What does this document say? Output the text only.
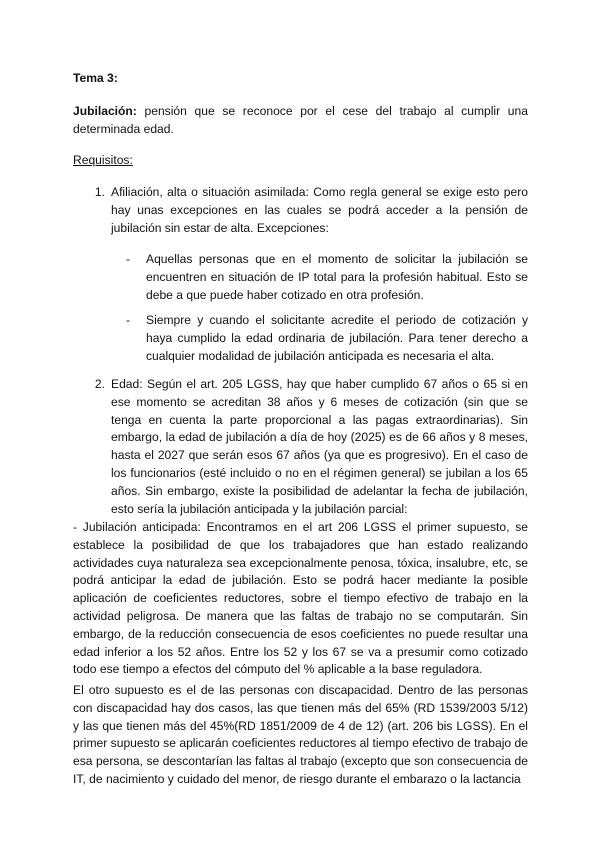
Tema 3:
Jubilación: pensión que se reconoce por el cese del trabajo al cumplir una determinada edad.
Requisitos:
1. Afiliación, alta o situación asimilada: Como regla general se exige esto pero hay unas excepciones en las cuales se podrá acceder a la pensión de jubilación sin estar de alta. Excepciones:
- Aquellas personas que en el momento de solicitar la jubilación se encuentren en situación de IP total para la profesión habitual. Esto se debe a que puede haber cotizado en otra profesión.
- Siempre y cuando el solicitante acredite el periodo de cotización y haya cumplido la edad ordinaria de jubilación. Para tener derecho a cualquier modalidad de jubilación anticipada es necesaria el alta.
2. Edad: Según el art. 205 LGSS, hay que haber cumplido 67 años o 65 si en ese momento se acreditan 38 años y 6 meses de cotización (sin que se tenga en cuenta la parte proporcional a las pagas extraordinarias). Sin embargo, la edad de jubilación a día de hoy (2025) es de 66 años y 8 meses, hasta el 2027 que serán esos 67 años (ya que es progresivo). En el caso de los funcionarios (esté incluido o no en el régimen general) se jubilan a los 65 años. Sin embargo, existe la posibilidad de adelantar la fecha de jubilación, esto sería la jubilación anticipada y la jubilación parcial:
- Jubilación anticipada: Encontramos en el art 206 LGSS el primer supuesto, se establece la posibilidad de que los trabajadores que han estado realizando actividades cuya naturaleza sea excepcionalmente penosa, tóxica, insalubre, etc, se podrá anticipar la edad de jubilación. Esto se podrá hacer mediante la posible aplicación de coeficientes reductores, sobre el tiempo efectivo de trabajo en la actividad peligrosa. De manera que las faltas de trabajo no se computarán. Sin embargo, de la reducción consecuencia de esos coeficientes no puede resultar una edad inferior a los 52 años. Entre los 52 y los 67 se va a presumir como cotizado todo ese tiempo a efectos del cómputo del % aplicable a la base reguladora.
El otro supuesto es el de las personas con discapacidad. Dentro de las personas con discapacidad hay dos casos, las que tienen más del 65% (RD 1539/2003 5/12) y las que tienen más del 45%(RD 1851/2009 de 4 de 12) (art. 206 bis LGSS). En el primer supuesto se aplicarán coeficientes reductores al tiempo efectivo de trabajo de esa persona, se descontarían las faltas al trabajo (excepto que son consecuencia de IT, de nacimiento y cuidado del menor, de riesgo durante el embarazo o la lactancia
